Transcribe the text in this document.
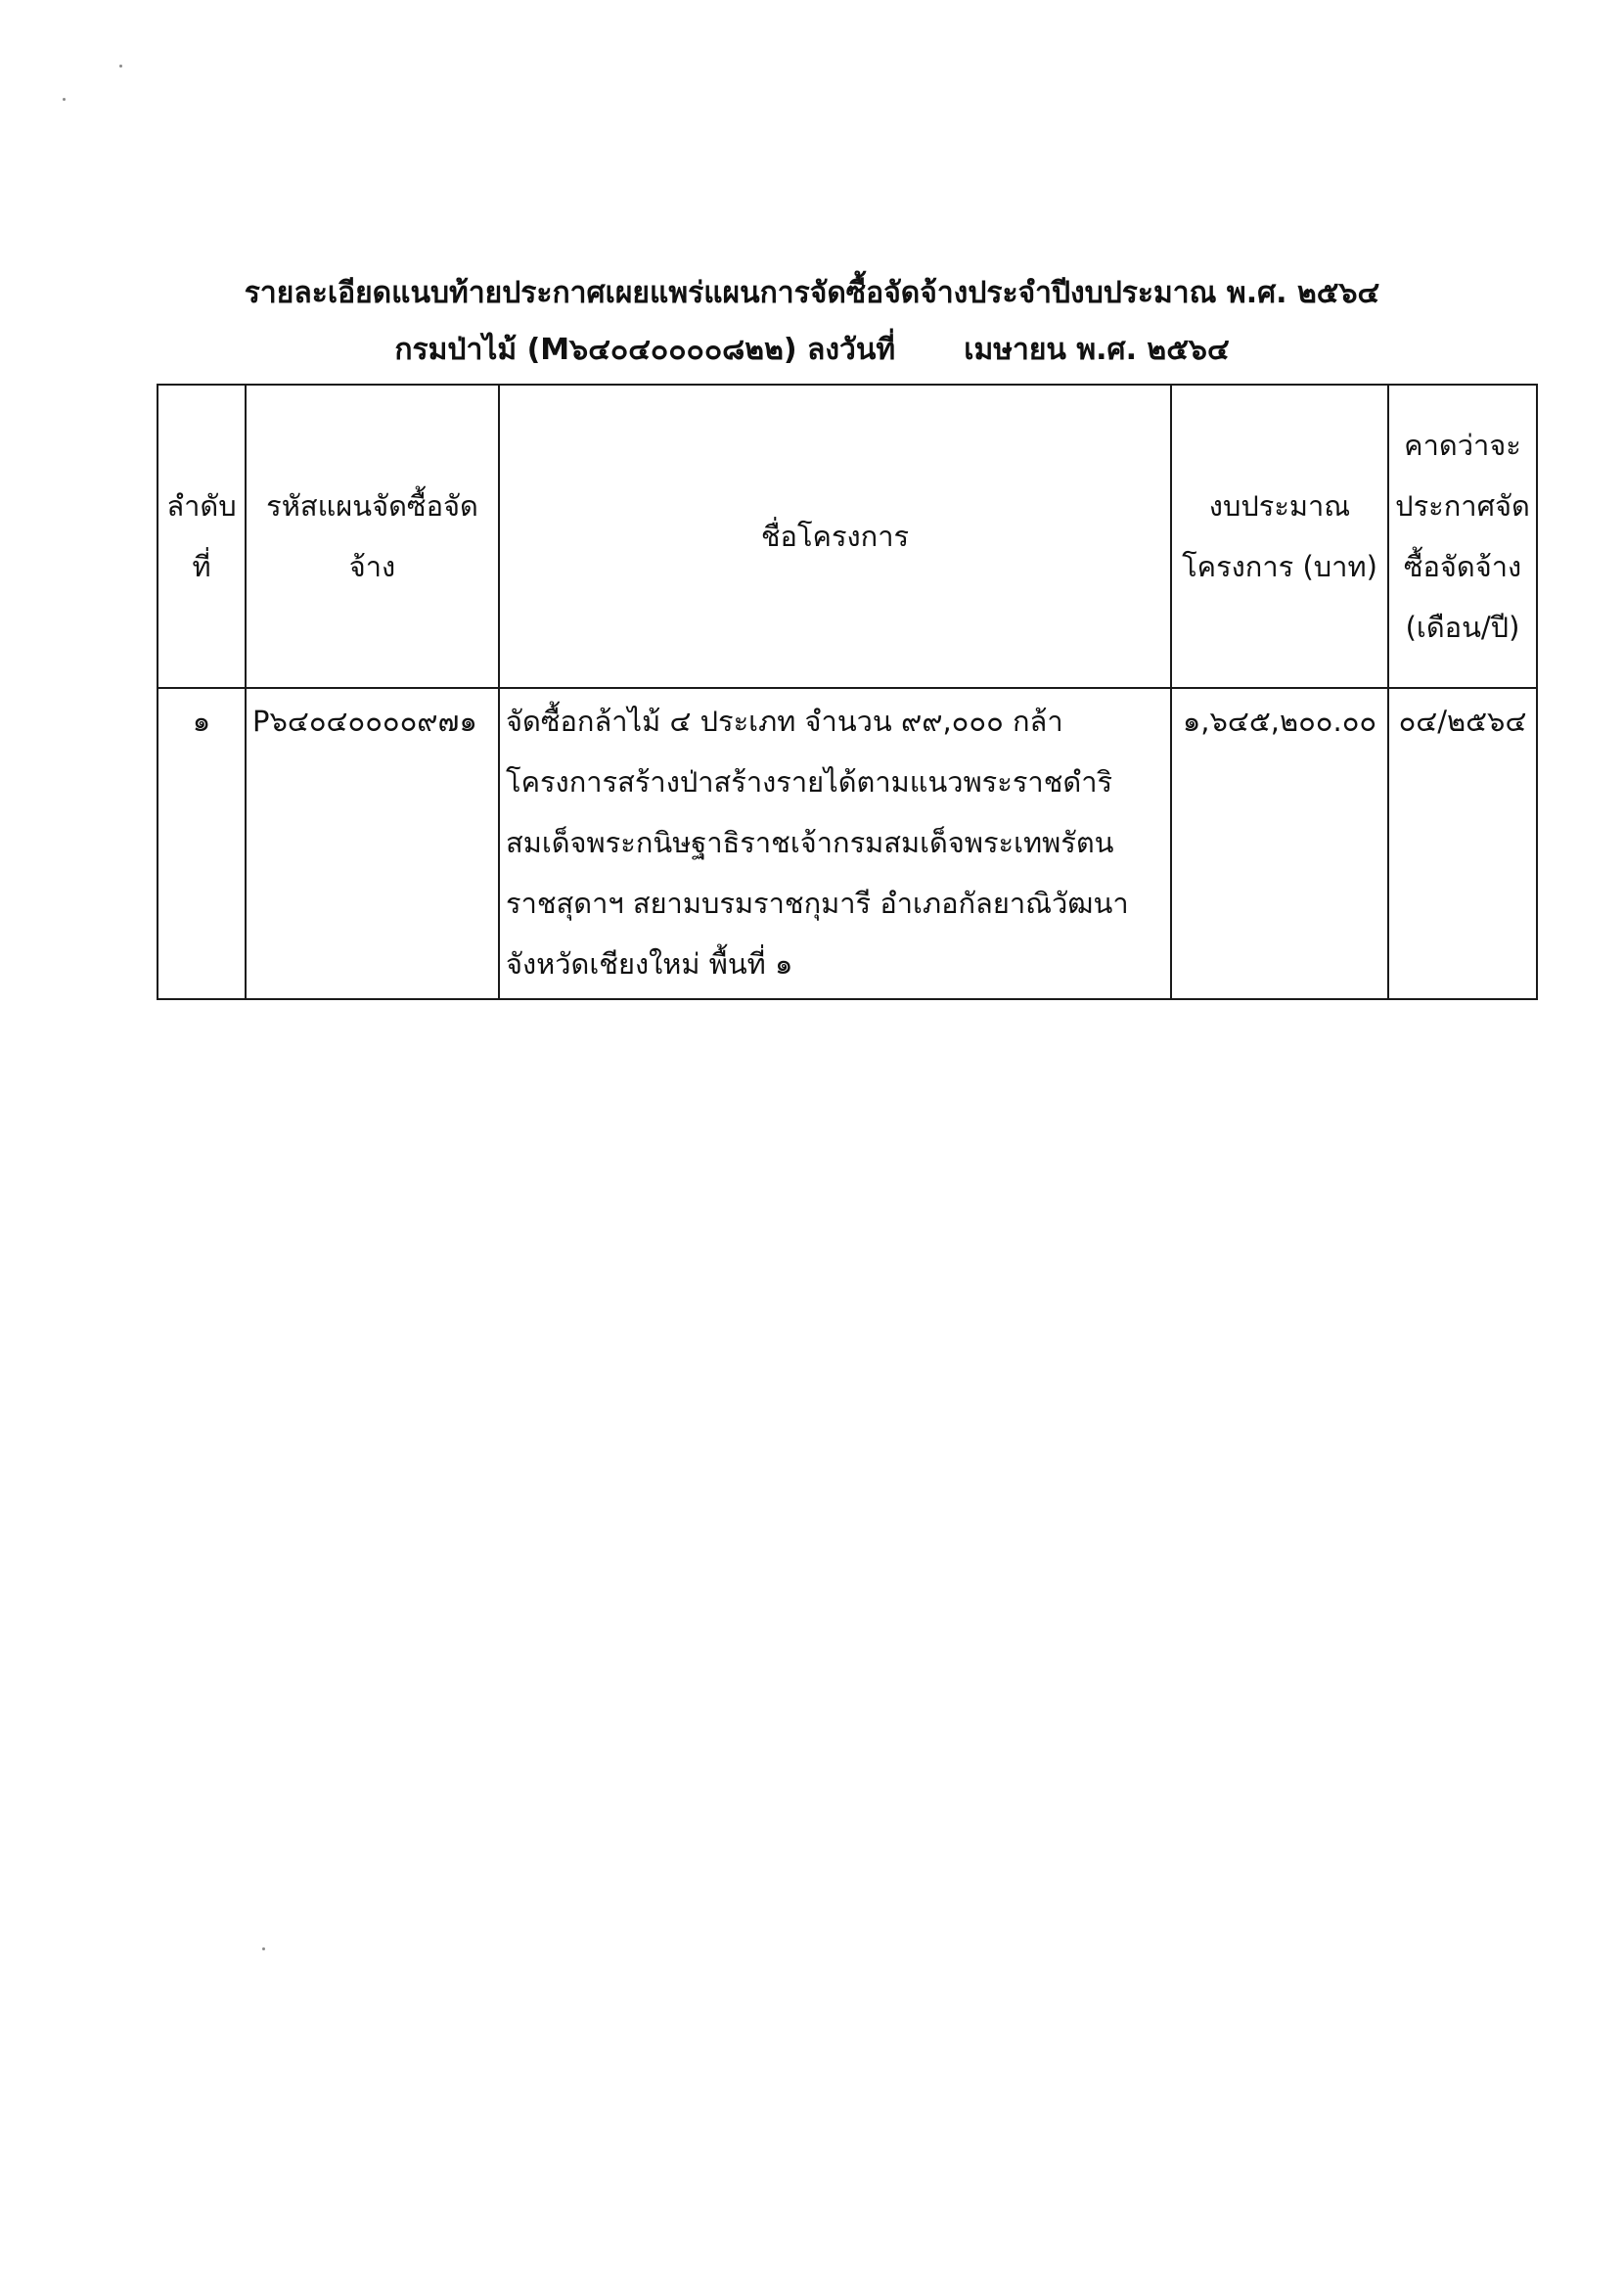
รายละเอียดแนบท้ายประกาศเผยแพร่แผนการจัดซื้อจัดจ้างประจำปีงบประมาณ พ.ศ. ๒๕๖๔
กรมป่าไม้ (M๖๔๐๔๐๐๐๐๘๒๒) ลงวันที่ เมษายน พ.ศ. ๒๕๖๔
ลำดับที่	รหัสแผนจัดซื้อจัดจ้าง	ชื่อโครงการ	งบประมาณโครงการ (บาท)	คาดว่าจะประกาศจัดซื้อจัดจ้าง (เดือน/ปี)
๑	P๖๔๐๔๐๐๐๐๙๗๑	จัดซื้อกล้าไม้ ๔ ประเภท จำนวน ๙๙,๐๐๐ กล้า โครงการสร้างป่าสร้างรายได้ตามแนวพระราชดำริ สมเด็จพระกนิษฐาธิราชเจ้ากรมสมเด็จพระเทพรัตนราชสุดาฯ สยามบรมราชกุมารี อำเภอกัลยาณิวัฒนา จังหวัดเชียงใหม่ พื้นที่ ๑	๑,๖๔๕,๒๐๐.๐๐	๐๔/๒๕๖๔
